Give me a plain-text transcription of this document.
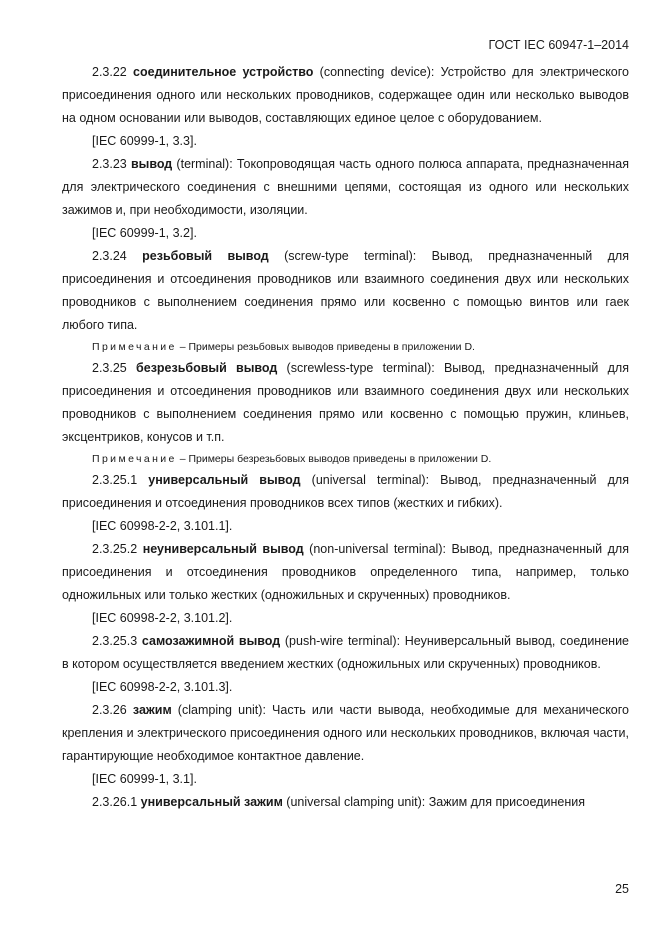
ГОСТ IEC 60947-1–2014

2.3.22 соединительное устройство (connecting device): Устройство для электрического присоединения одного или нескольких проводников, содержащее один или несколько выводов на одном основании или выводов, составляющих единое целое с оборудованием.

[IEC 60999-1, 3.3].

2.3.23 вывод (terminal): Токопроводящая часть одного полюса аппарата, предназначенная для электрического соединения с внешними цепями, состоящая из одного или нескольких зажимов и, при необходимости, изоляции.

[IEC 60999-1, 3.2].

2.3.24 резьбовый вывод (screw-type terminal): Вывод, предназначенный для присоединения и отсоединения проводников или взаимного соединения двух или нескольких проводников с выполнением соединения прямо или косвенно с помощью винтов или гаек любого типа.

Примечание – Примеры резьбовых выводов приведены в приложении D.

2.3.25 безрезьбовый вывод (screwless-type terminal): Вывод, предназначенный для присоединения и отсоединения проводников или взаимного соединения двух или нескольких проводников с выполнением соединения прямо или косвенно с помощью пружин, клиньев, эксцентриков, конусов и т.п.

Примечание – Примеры безрезьбовых выводов приведены в приложении D.

2.3.25.1 универсальный вывод (universal terminal): Вывод, предназначенный для присоединения и отсоединения проводников всех типов (жестких и гибких).

[IEC 60998-2-2, 3.101.1].

2.3.25.2 неуниверсальный вывод (non-universal terminal): Вывод, предназначенный для присоединения и отсоединения проводников определенного типа, например, только одножильных или только жестких (одножильных и скрученных) проводников.

[IEC 60998-2-2, 3.101.2].

2.3.25.3 самозажимной вывод (push-wire terminal): Неуниверсальный вывод, соединение в котором осуществляется введением жестких (одножильных или скрученных) проводников.

[IEC 60998-2-2, 3.101.3].

2.3.26 зажим (clamping unit): Часть или части вывода, необходимые для механического крепления и электрического присоединения одного или нескольких проводников, включая части, гарантирующие необходимое контактное давление.

[IEC 60999-1, 3.1].

2.3.26.1 универсальный зажим (universal clamping unit): Зажим для присоединения

25
